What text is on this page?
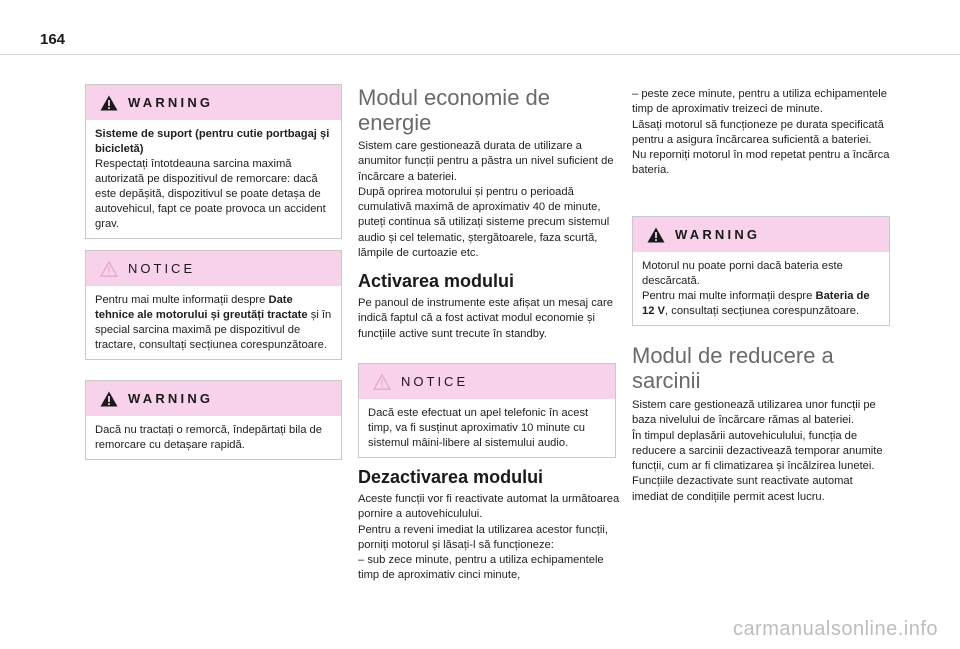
164
WARNING
Sisteme de suport (pentru cutie portbagaj și bicicletă)
Respectați întotdeauna sarcina maximă autorizată pe dispozitivul de remorcare: dacă este depășită, dispozitivul se poate detașa de autovehicul, fapt ce poate provoca un accident grav.
NOTICE
Pentru mai multe informații despre Date tehnice ale motorului și greutăți tractate și în special sarcina maximă pe dispozitivul de tractare, consultați secțiunea corespunzătoare.
WARNING
Dacă nu tractați o remorcă, îndepărtați bila de remorcare cu detașare rapidă.
Modul economie de
energie
Sistem care gestionează durata de utilizare a anumitor funcții pentru a păstra un nivel suficient de încărcare a bateriei.
După oprirea motorului și pentru o perioadă cumulativă maximă de aproximativ 40 de minute, puteți continua să utilizați sisteme precum sistemul audio și cel telematic, ștergătoarele, faza scurtă, lămpile de curtoazie etc.
Activarea modului
Pe panoul de instrumente este afișat un mesaj care indică faptul că a fost activat modul economie și funcțiile active sunt trecute în standby.
NOTICE
Dacă este efectuat un apel telefonic în acest timp, va fi susținut aproximativ 10 minute cu sistemul mâini-libere al sistemului audio.
Dezactivarea modului
Aceste funcții vor fi reactivate automat la următoarea pornire a autovehiculului.
Pentru a reveni imediat la utilizarea acestor funcții, porniți motorul și lăsați-l să funcționeze:
– sub zece minute, pentru a utiliza echipamentele timp de aproximativ cinci minute,
– peste zece minute, pentru a utiliza echipamentele timp de aproximativ treizeci de minute.
Lăsați motorul să funcționeze pe durata specificată pentru a asigura încărcarea suficientă a bateriei.
Nu reporniți motorul în mod repetat pentru a încărca bateria.
WARNING
Motorul nu poate porni dacă bateria este descărcată.
Pentru mai multe informații despre Bateria de 12 V, consultați secțiunea corespunzătoare.
Modul de reducere a
sarcinii
Sistem care gestionează utilizarea unor funcții pe baza nivelului de încărcare rămas al bateriei.
În timpul deplasării autovehiculului, funcția de reducere a sarcinii dezactivează temporar anumite funcții, cum ar fi climatizarea și încălzirea lunetei.
Funcțiile dezactivate sunt reactivate automat imediat de condițiile permit acest lucru.
carmanualsonline.info
